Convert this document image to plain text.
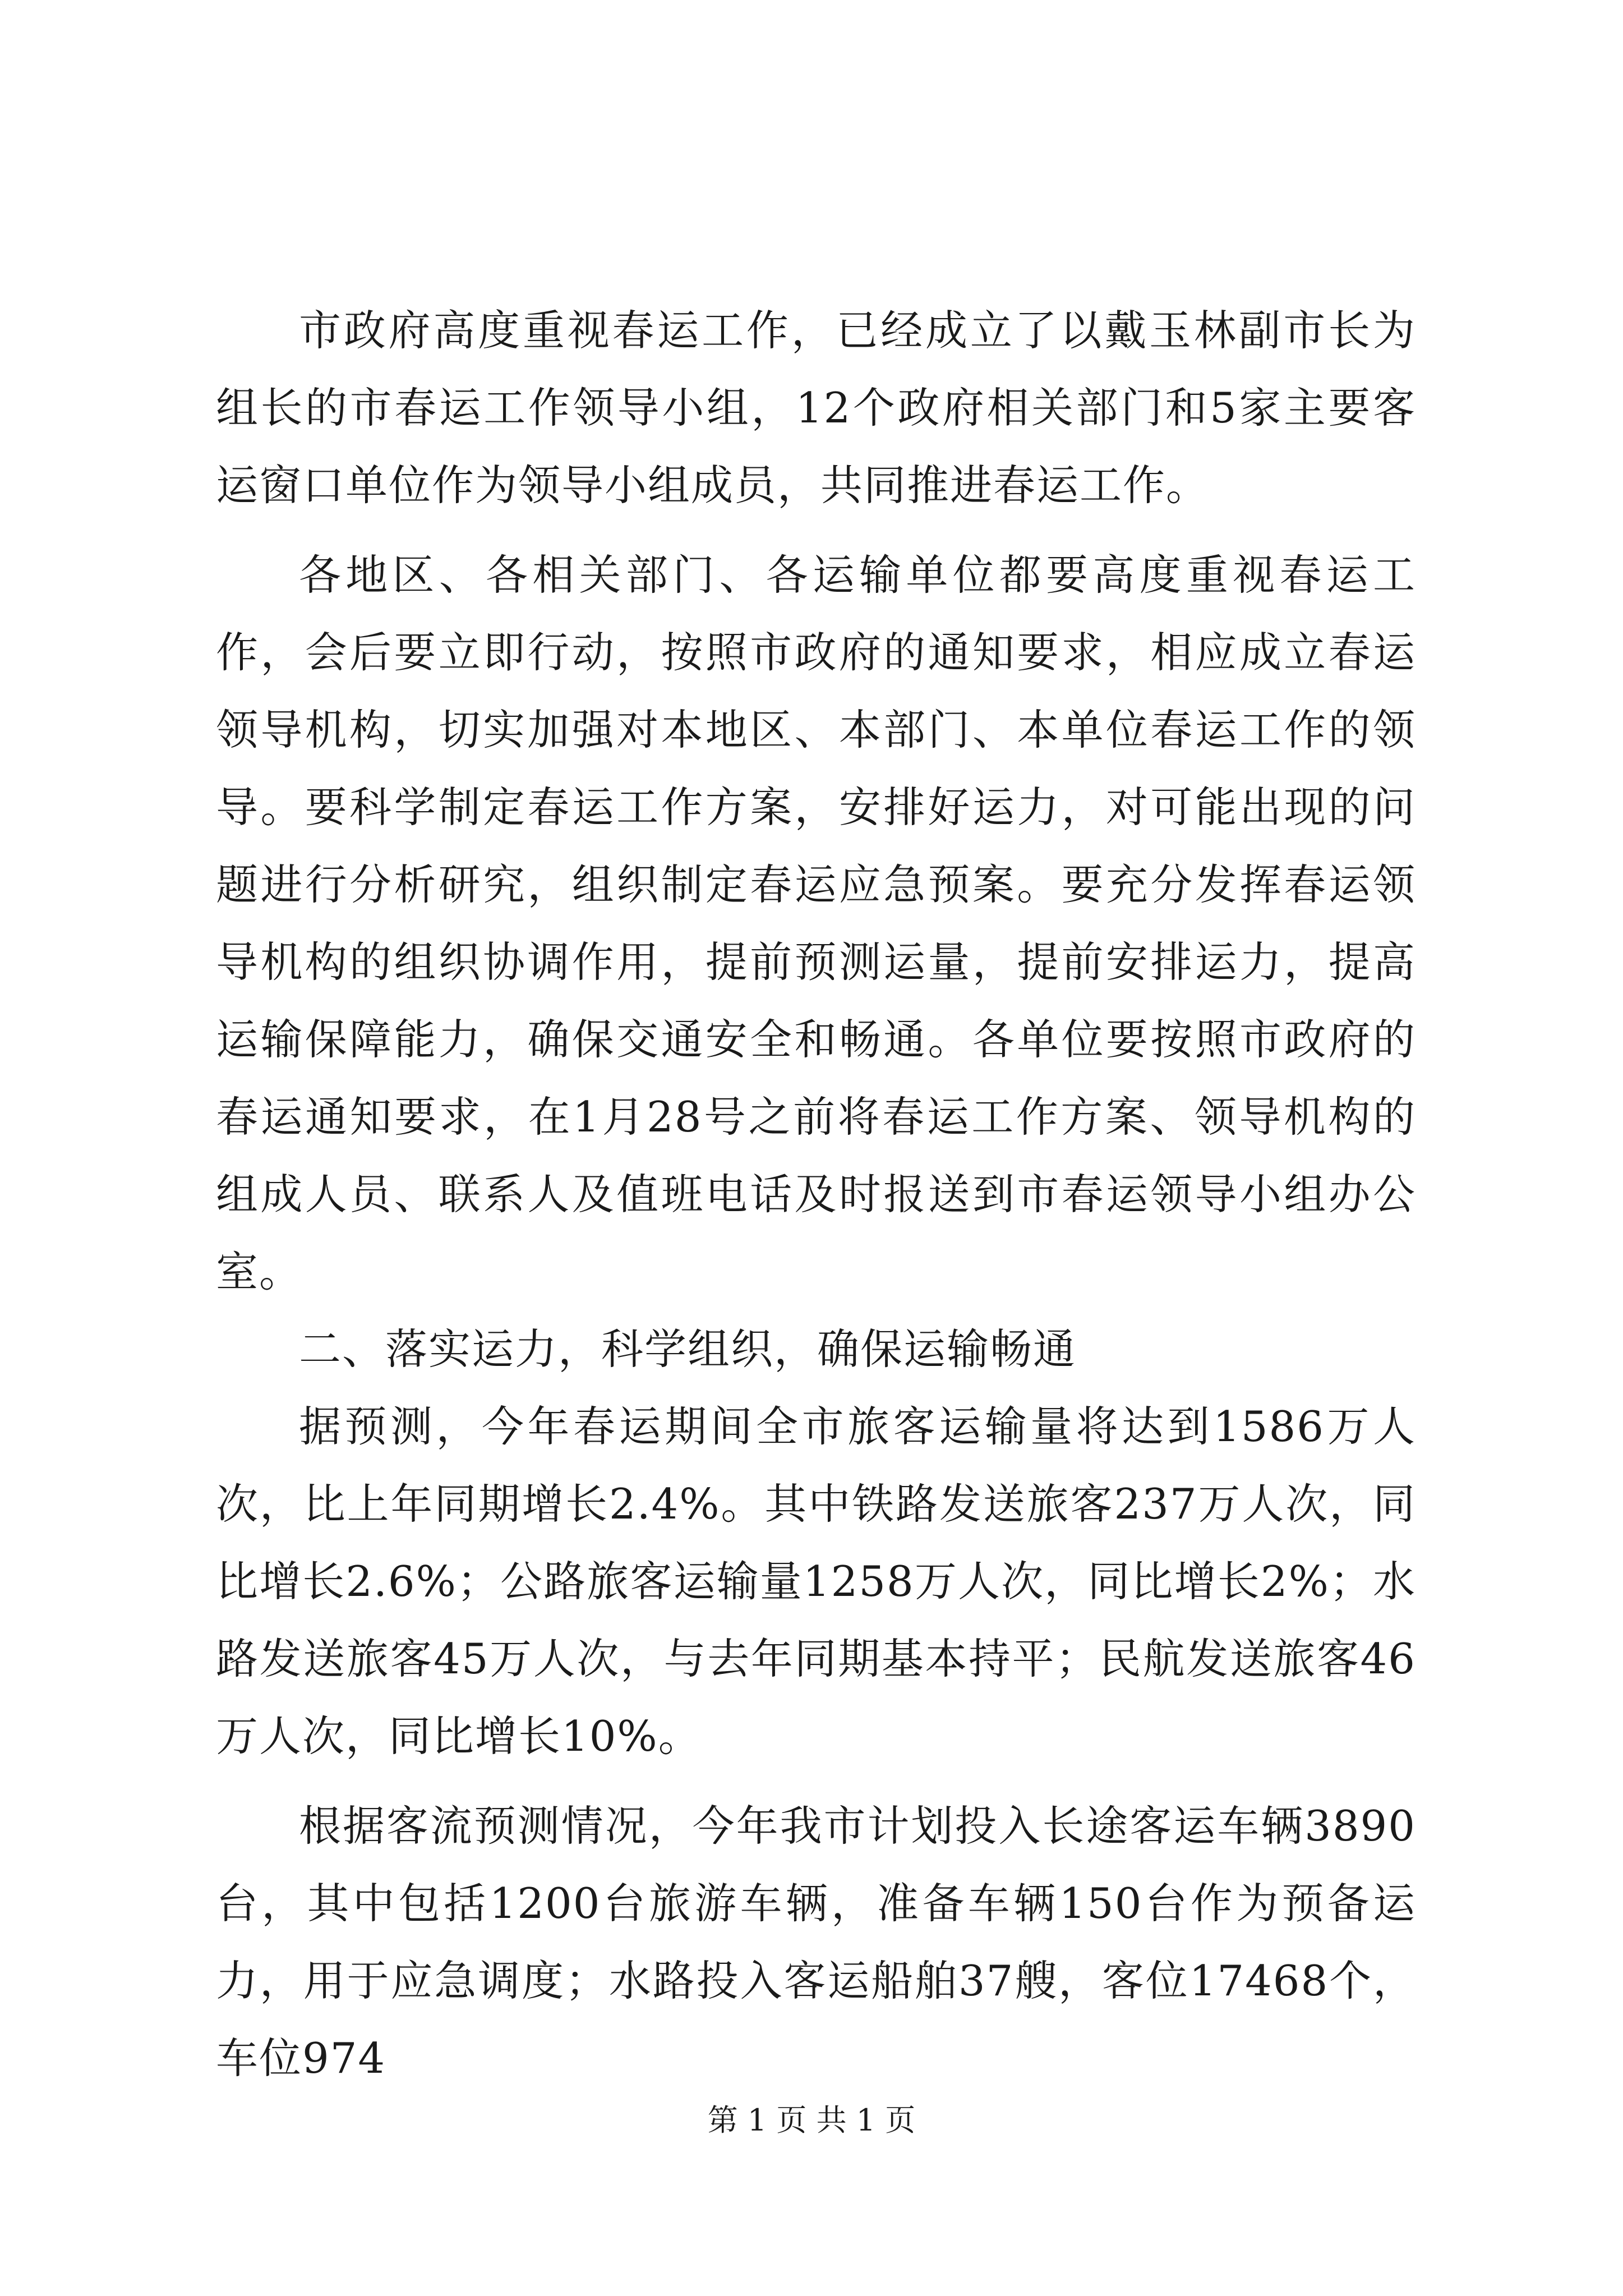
市政府高度重视春运工作，已经成立了以戴玉林副市长为组长的市春运工作领导小组，12个政府相关部门和5家主要客运窗口单位作为领导小组成员，共同推进春运工作。

各地区、各相关部门、各运输单位都要高度重视春运工作，会后要立即行动，按照市政府的通知要求，相应成立春运领导机构，切实加强对本地区、本部门、本单位春运工作的领导。要科学制定春运工作方案，安排好运力，对可能出现的问题进行分析研究，组织制定春运应急预案。要充分发挥春运领导机构的组织协调作用，提前预测运量，提前安排运力，提高运输保障能力，确保交通安全和畅通。各单位要按照市政府的春运通知要求，在1月28号之前将春运工作方案、领导机构的组成人员、联系人及值班电话及时报送到市春运领导小组办公室。

二、落实运力，科学组织，确保运输畅通

据预测，今年春运期间全市旅客运输量将达到1586万人次，比上年同期增长2.4%。其中铁路发送旅客237万人次，同比增长2.6%；公路旅客运输量1258万人次，同比增长2%；水路发送旅客45万人次，与去年同期基本持平；民航发送旅客46万人次，同比增长10%。

根据客流预测情况，今年我市计划投入长途客运车辆3890台，其中包括1200台旅游车辆，准备车辆150台作为预备运力，用于应急调度；水路投入客运船舶37艘，客位17468个，车位974

第 1 页 共 1 页
